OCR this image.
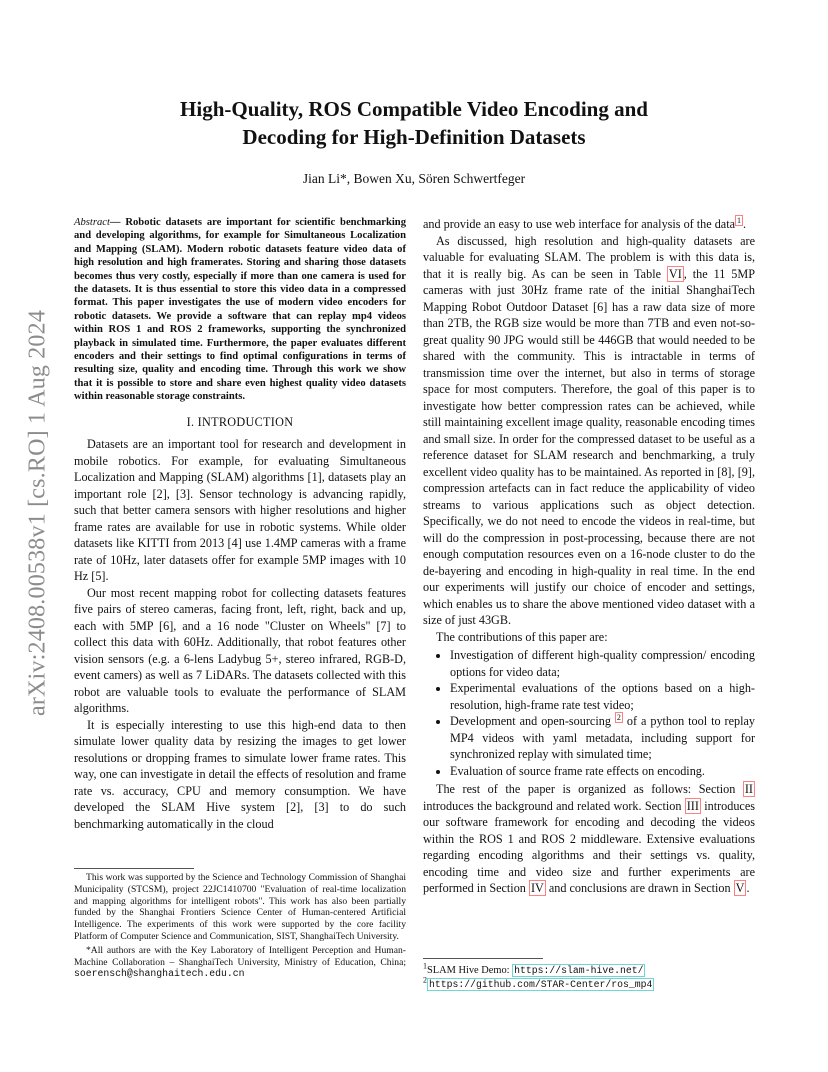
arXiv:2408.00538v1 [cs.RO] 1 Aug 2024
High-Quality, ROS Compatible Video Encoding and
Decoding for High-Definition Datasets
Jian Li*, Bowen Xu, Sören Schwertfeger

Abstract— Robotic datasets are important for scientific benchmarking and developing algorithms, for example for Simultaneous Localization and Mapping (SLAM). Modern robotic datasets feature video data of high resolution and high framerates. Storing and sharing those datasets becomes thus very costly, especially if more than one camera is used for the datasets. It is thus essential to store this video data in a compressed format. This paper investigates the use of modern video encoders for robotic datasets. We provide a software that can replay mp4 videos within ROS 1 and ROS 2 frameworks, supporting the synchronized playback in simulated time. Furthermore, the paper evaluates different encoders and their settings to find optimal configurations in terms of resulting size, quality and encoding time. Through this work we show that it is possible to store and share even highest quality video datasets within reasonable storage constraints.

I. INTRODUCTION

Datasets are an important tool for research and development in mobile robotics. For example, for evaluating Simultaneous Localization and Mapping (SLAM) algorithms [1], datasets play an important role [2], [3]. Sensor technology is advancing rapidly, such that better camera sensors with higher resolutions and higher frame rates are available for use in robotic systems. While older datasets like KITTI from 2013 [4] use 1.4MP cameras with a frame rate of 10Hz, later datasets offer for example 5MP images with 10 Hz [5].

Our most recent mapping robot for collecting datasets features five pairs of stereo cameras, facing front, left, right, back and up, each with 5MP [6], and a 16 node "Cluster on Wheels" [7] to collect this data with 60Hz. Additionally, that robot features other vision sensors (e.g. a 6-lens Ladybug 5+, stereo infrared, RGB-D, event camers) as well as 7 LiDARs. The datasets collected with this robot are valuable tools to evaluate the performance of SLAM algorithms.

It is especially interesting to use this high-end data to then simulate lower quality data by resizing the images to get lower resolutions or dropping frames to simulate lower frame rates. This way, one can investigate in detail the effects of resolution and frame rate vs. accuracy, CPU and memory consumption. We have developed the SLAM Hive system [2], [3] to do such benchmarking automatically in the cloud

This work was supported by the Science and Technology Commission of Shanghai Municipality (STCSM), project 22JC1410700 "Evaluation of real-time localization and mapping algorithms for intelligent robots". This work has also been partially funded by the Shanghai Frontiers Science Center of Human-centered Artificial Intelligence. The experiments of this work were supported by the core facility Platform of Computer Science and Communication, SIST, ShanghaiTech University.

*All authors are with the Key Laboratory of Intelligent Perception and Human-Machine Collaboration – ShanghaiTech University, Ministry of Education, China; soerensch@shanghaitech.edu.cn

and provide an easy to use web interface for analysis of the data $^1$ .

As discussed, high resolution and high-quality datasets are valuable for evaluating SLAM. The problem is with this data is, that it is really big. As can be seen in Table VI , the 11 5MP cameras with just 30Hz frame rate of the initial ShanghaiTech Mapping Robot Outdoor Dataset [6] has a raw data size of more than 2TB, the RGB size would be more than 7TB and even not-so-great quality 90 JPG would still be 446GB that would needed to be shared with the community. This is intractable in terms of transmission time over the internet, but also in terms of storage space for most computers. Therefore, the goal of this paper is to investigate how better compression rates can be achieved, while still maintaining excellent image quality, reasonable encoding times and small size. In order for the compressed dataset to be useful as a reference dataset for SLAM research and benchmarking, a truly excellent video quality has to be maintained. As reported in [8], [9], compression artefacts can in fact reduce the applicability of video streams to various applications such as object detection. Specifically, we do not need to encode the videos in real-time, but will do the compression in post-processing, because there are not enough computation resources even on a 16-node cluster to do the de-bayering and encoding in high-quality in real time. In the end our experiments will justify our choice of encoder and settings, which enables us to share the above mentioned video dataset with a size of just 43GB.

The contributions of this paper are:

• Investigation of different high-quality compression/ encoding options for video data;
• Experimental evaluations of the options based on a high-resolution, high-frame rate test video;
• Development and open-sourcing $^2$ of a python tool to replay MP4 videos with yaml metadata, including support for synchronized replay with simulated time;
• Evaluation of source frame rate effects on encoding.

The rest of the paper is organized as follows: Section II introduces the background and related work. Section III introduces our software framework for encoding and decoding the videos within the ROS 1 and ROS 2 middleware. Extensive evaluations regarding encoding algorithms and their settings vs. quality, encoding time and video size and further experiments are performed in Section IV and conclusions are drawn in Section V .

$^1$SLAM Hive Demo: https://slam-hive.net/

$^2$ https://github.com/STAR-Center/ros_mp4
